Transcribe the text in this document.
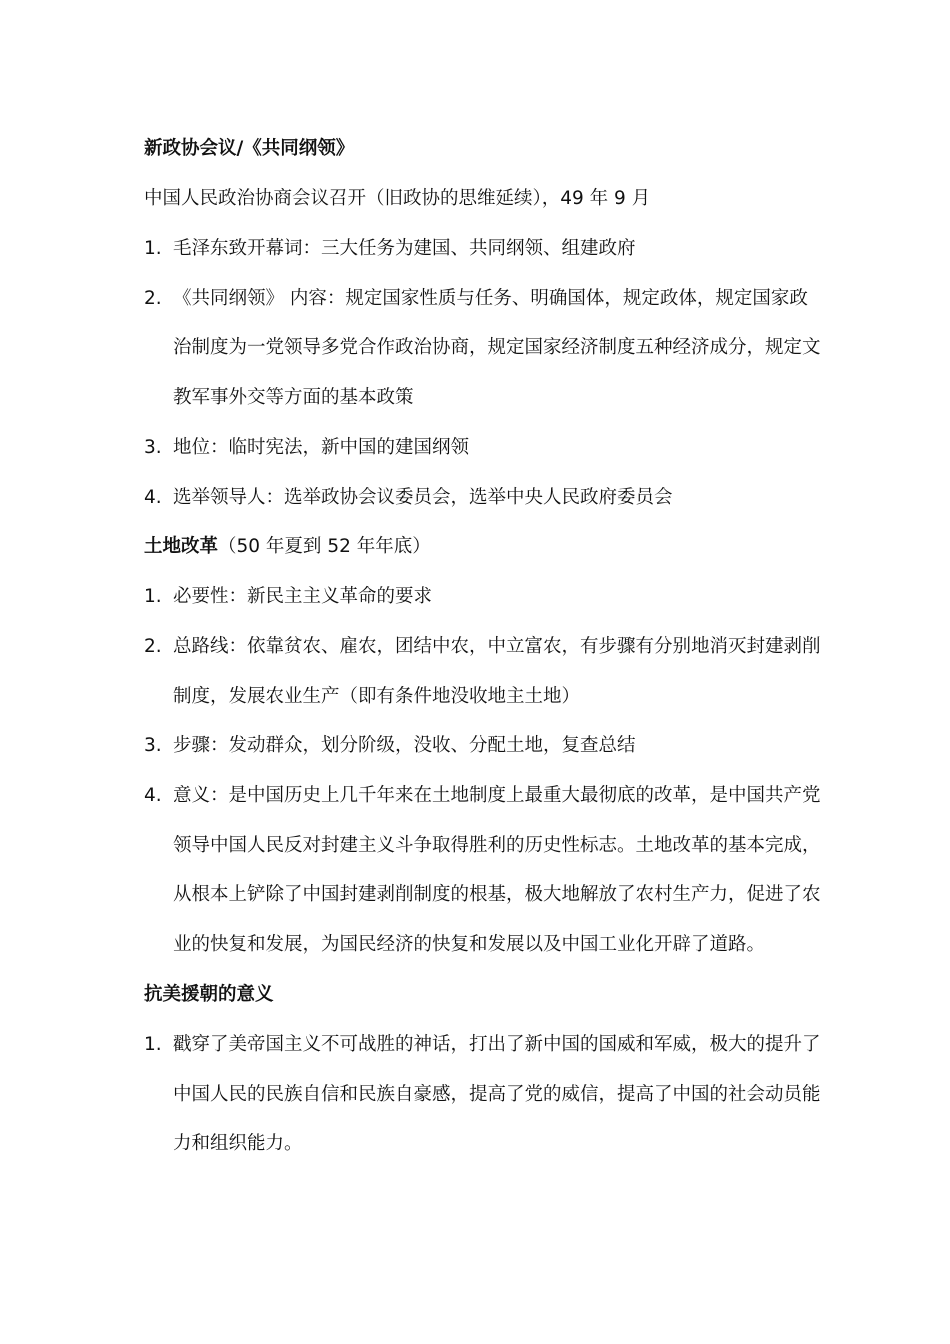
新政协会议/《共同纲领》
中国人民政治协商会议召开（旧政协的思维延续），49 年 9 月
1. 毛泽东致开幕词：三大任务为建国、共同纲领、组建政府
2. 《共同纲领》 内容：规定国家性质与任务、明确国体，规定政体，规定国家政治制度为一党领导多党合作政治协商，规定国家经济制度五种经济成分，规定文教军事外交等方面的基本政策
3. 地位：临时宪法，新中国的建国纲领
4. 选举领导人：选举政协会议委员会，选举中央人民政府委员会
土地改革（50 年夏到 52 年年底）
1. 必要性：新民主主义革命的要求
2. 总路线：依靠贫农、雇农，团结中农，中立富农，有步骤有分别地消灭封建剥削制度，发展农业生产（即有条件地没收地主土地）
3. 步骤：发动群众，划分阶级，没收、分配土地，复查总结
4. 意义：是中国历史上几千年来在土地制度上最重大最彻底的改革，是中国共产党领导中国人民反对封建主义斗争取得胜利的历史性标志。土地改革的基本完成，从根本上铲除了中国封建剥削制度的根基，极大地解放了农村生产力，促进了农业的快复和发展，为国民经济的快复和发展以及中国工业化开辟了道路。
抗美援朝的意义
1. 戳穿了美帝国主义不可战胜的神话，打出了新中国的国威和军威，极大的提升了中国人民的民族自信和民族自豪感，提高了党的威信，提高了中国的社会动员能力和组织能力。
